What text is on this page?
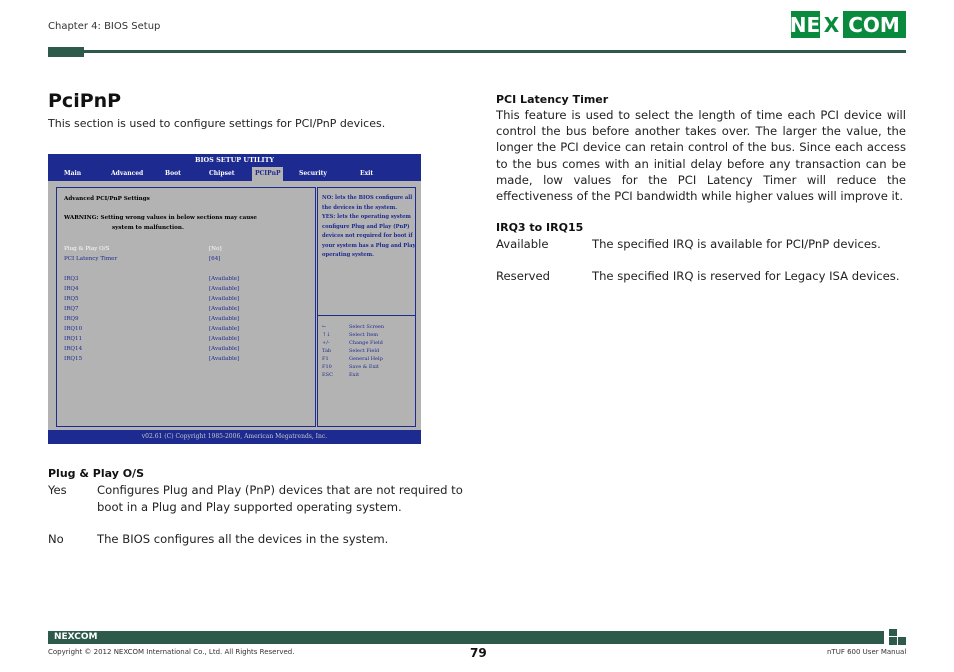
Chapter 4: BIOS Setup	NE X COM
PciPnP
This section is used to configure settings for PCI/PnP devices.
BIOS SETUP UTILITY
Main	Advanced	Boot	Chipset	PCIPnP	Security	Exit
Advanced PCI/PnP Settings
WARNING: Setting wrong values in below sections may cause
system to malfunction.
Plug & Play O/S	[No]
PCI Latency Timer	[64]
IRQ3	[Available]
IRQ4	[Available]
IRQ5	[Available]
IRQ7	[Available]
IRQ9	[Available]
IRQ10	[Available]
IRQ11	[Available]
IRQ14	[Available]
IRQ15	[Available]
NO: lets the BIOS configure all
the devices in the system.
YES: lets the operating system
configure Plug and Play (PnP)
devices not required for boot if
your system has a Plug and Play
operating system.
←	Select Screen
↑↓	Select Item
+/-	Change Field
Tab	Select Field
F1	General Help
F10	Save & Exit
ESC	Exit
v02.61 (C) Copyright 1985-2006, American Megatrends, Inc.
Plug & Play O/S
Yes	Configures Plug and Play (PnP) devices that are not required to
boot in a Plug and Play supported operating system.
No	The BIOS configures all the devices in the system.
PCI Latency Timer
This feature is used to select the length of time each PCI device will control the bus before another takes over. The larger the value, the longer the PCI device can retain control of the bus. Since each access to the bus comes with an initial delay before any transaction can be made, low values for the PCI Latency Timer will reduce the effectiveness of the PCI bandwidth while higher values will improve it.
IRQ3 to IRQ15
Available	The specified IRQ is available for PCI/PnP devices.
Reserved	The specified IRQ is reserved for Legacy ISA devices.
NEXCOM
Copyright © 2012 NEXCOM International Co., Ltd. All Rights Reserved.	79	nTUF 600 User Manual
